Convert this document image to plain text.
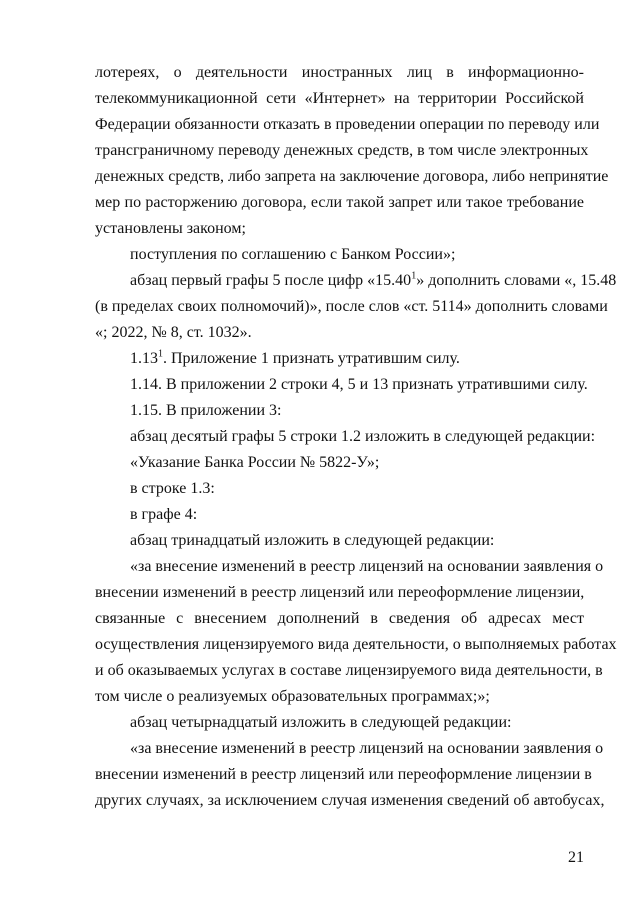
лотереях, о деятельности иностранных лиц в информационно-
телекоммуникационной сети «Интернет» на территории Российской
Федерации обязанности отказать в проведении операции по переводу или
трансграничному переводу денежных средств, в том числе электронных
денежных средств, либо запрета на заключение договора, либо непринятие
мер по расторжению договора, если такой запрет или такое требование
установлены законом;
поступления по соглашению с Банком России»;
абзац первый графы 5 после цифр «15.40$^1$» дополнить словами «, 15.48
(в пределах своих полномочий)», после слов «ст. 5114» дополнить словами
«; 2022, № 8, ст. 1032».
1.13$^1$. Приложение 1 признать утратившим силу.
1.14. В приложении 2 строки 4, 5 и 13 признать утратившими силу.
1.15. В приложении 3:
абзац десятый графы 5 строки 1.2 изложить в следующей редакции:
«Указание Банка России № 5822-У»;
в строке 1.3:
в графе 4:
абзац тринадцатый изложить в следующей редакции:
«за внесение изменений в реестр лицензий на основании заявления о
внесении изменений в реестр лицензий или переоформление лицензии,
связанные с внесением дополнений в сведения об адресах мест
осуществления лицензируемого вида деятельности, о выполняемых работах
и об оказываемых услугах в составе лицензируемого вида деятельности, в
том числе о реализуемых образовательных программах;»;
абзац четырнадцатый изложить в следующей редакции:
«за внесение изменений в реестр лицензий на основании заявления о
внесении изменений в реестр лицензий или переоформление лицензии в
других случаях, за исключением случая изменения сведений об автобусах,
21
